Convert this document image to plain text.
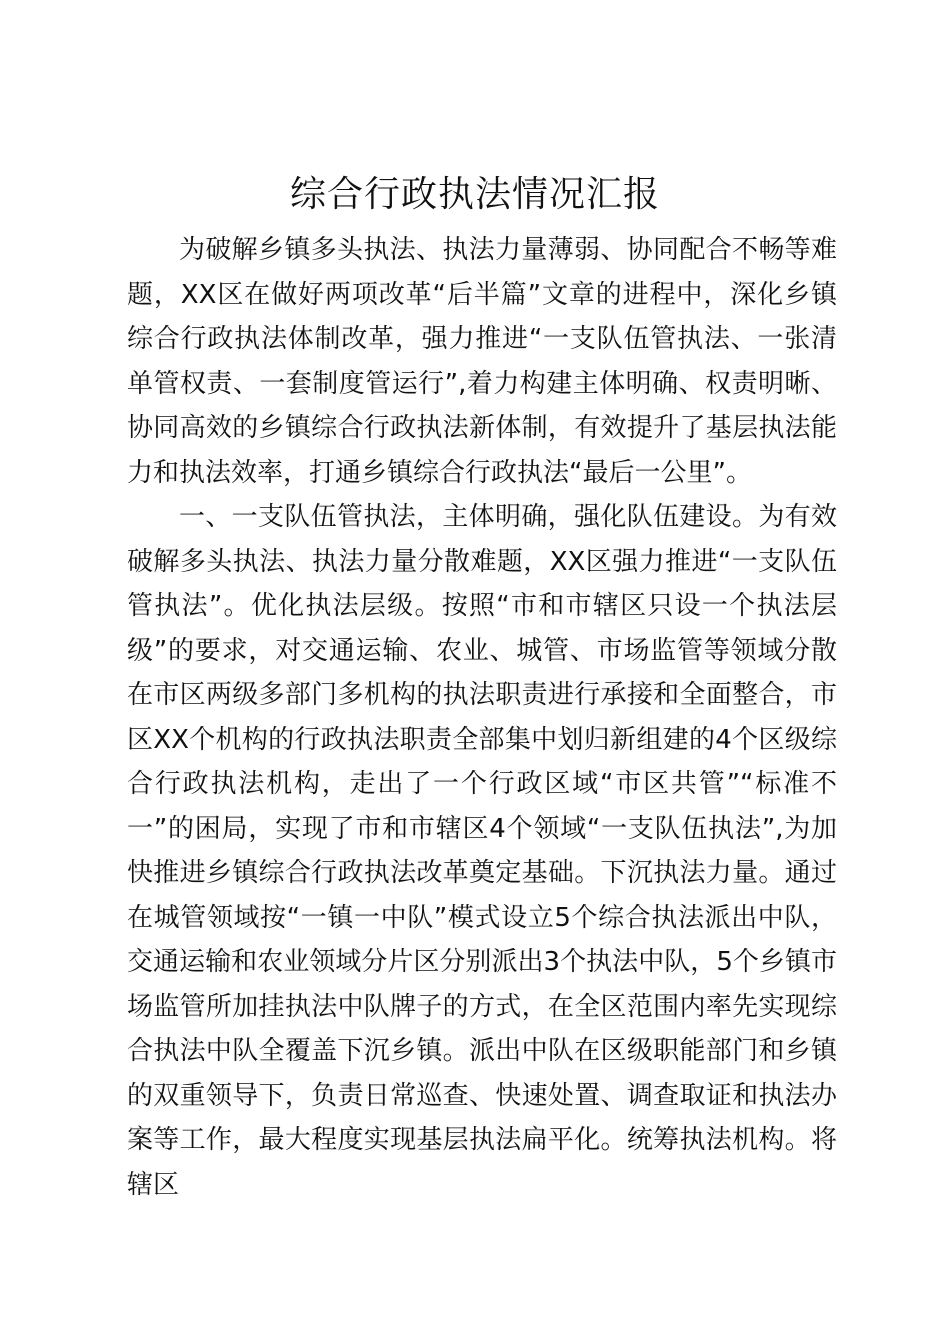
综合行政执法情况汇报

为破解乡镇多头执法、执法力量薄弱、协同配合不畅等难题，XX区在做好两项改革“后半篇”文章的进程中，深化乡镇综合行政执法体制改革，强力推进“一支队伍管执法、一张清单管权责、一套制度管运行”,着力构建主体明确、权责明晰、协同高效的乡镇综合行政执法新体制，有效提升了基层执法能力和执法效率，打通乡镇综合行政执法“最后一公里”。

一、一支队伍管执法，主体明确，强化队伍建设。为有效破解多头执法、执法力量分散难题，XX区强力推进“一支队伍管执法”。优化执法层级。按照“市和市辖区只设一个执法层级”的要求，对交通运输、农业、城管、市场监管等领域分散在市区两级多部门多机构的执法职责进行承接和全面整合，市区XX个机构的行政执法职责全部集中划归新组建的4个区级综合行政执法机构，走出了一个行政区域“市区共管”“标准不一”的困局，实现了市和市辖区4个领域“一支队伍执法”,为加快推进乡镇综合行政执法改革奠定基础。下沉执法力量。通过在城管领域按“一镇一中队”模式设立5个综合执法派出中队，交通运输和农业领域分片区分别派出3个执法中队，5个乡镇市场监管所加挂执法中队牌子的方式，在全区范围内率先实现综合执法中队全覆盖下沉乡镇。派出中队在区级职能部门和乡镇的双重领导下，负责日常巡查、快速处置、调查取证和执法办案等工作，最大程度实现基层执法扁平化。统筹执法机构。将辖区
